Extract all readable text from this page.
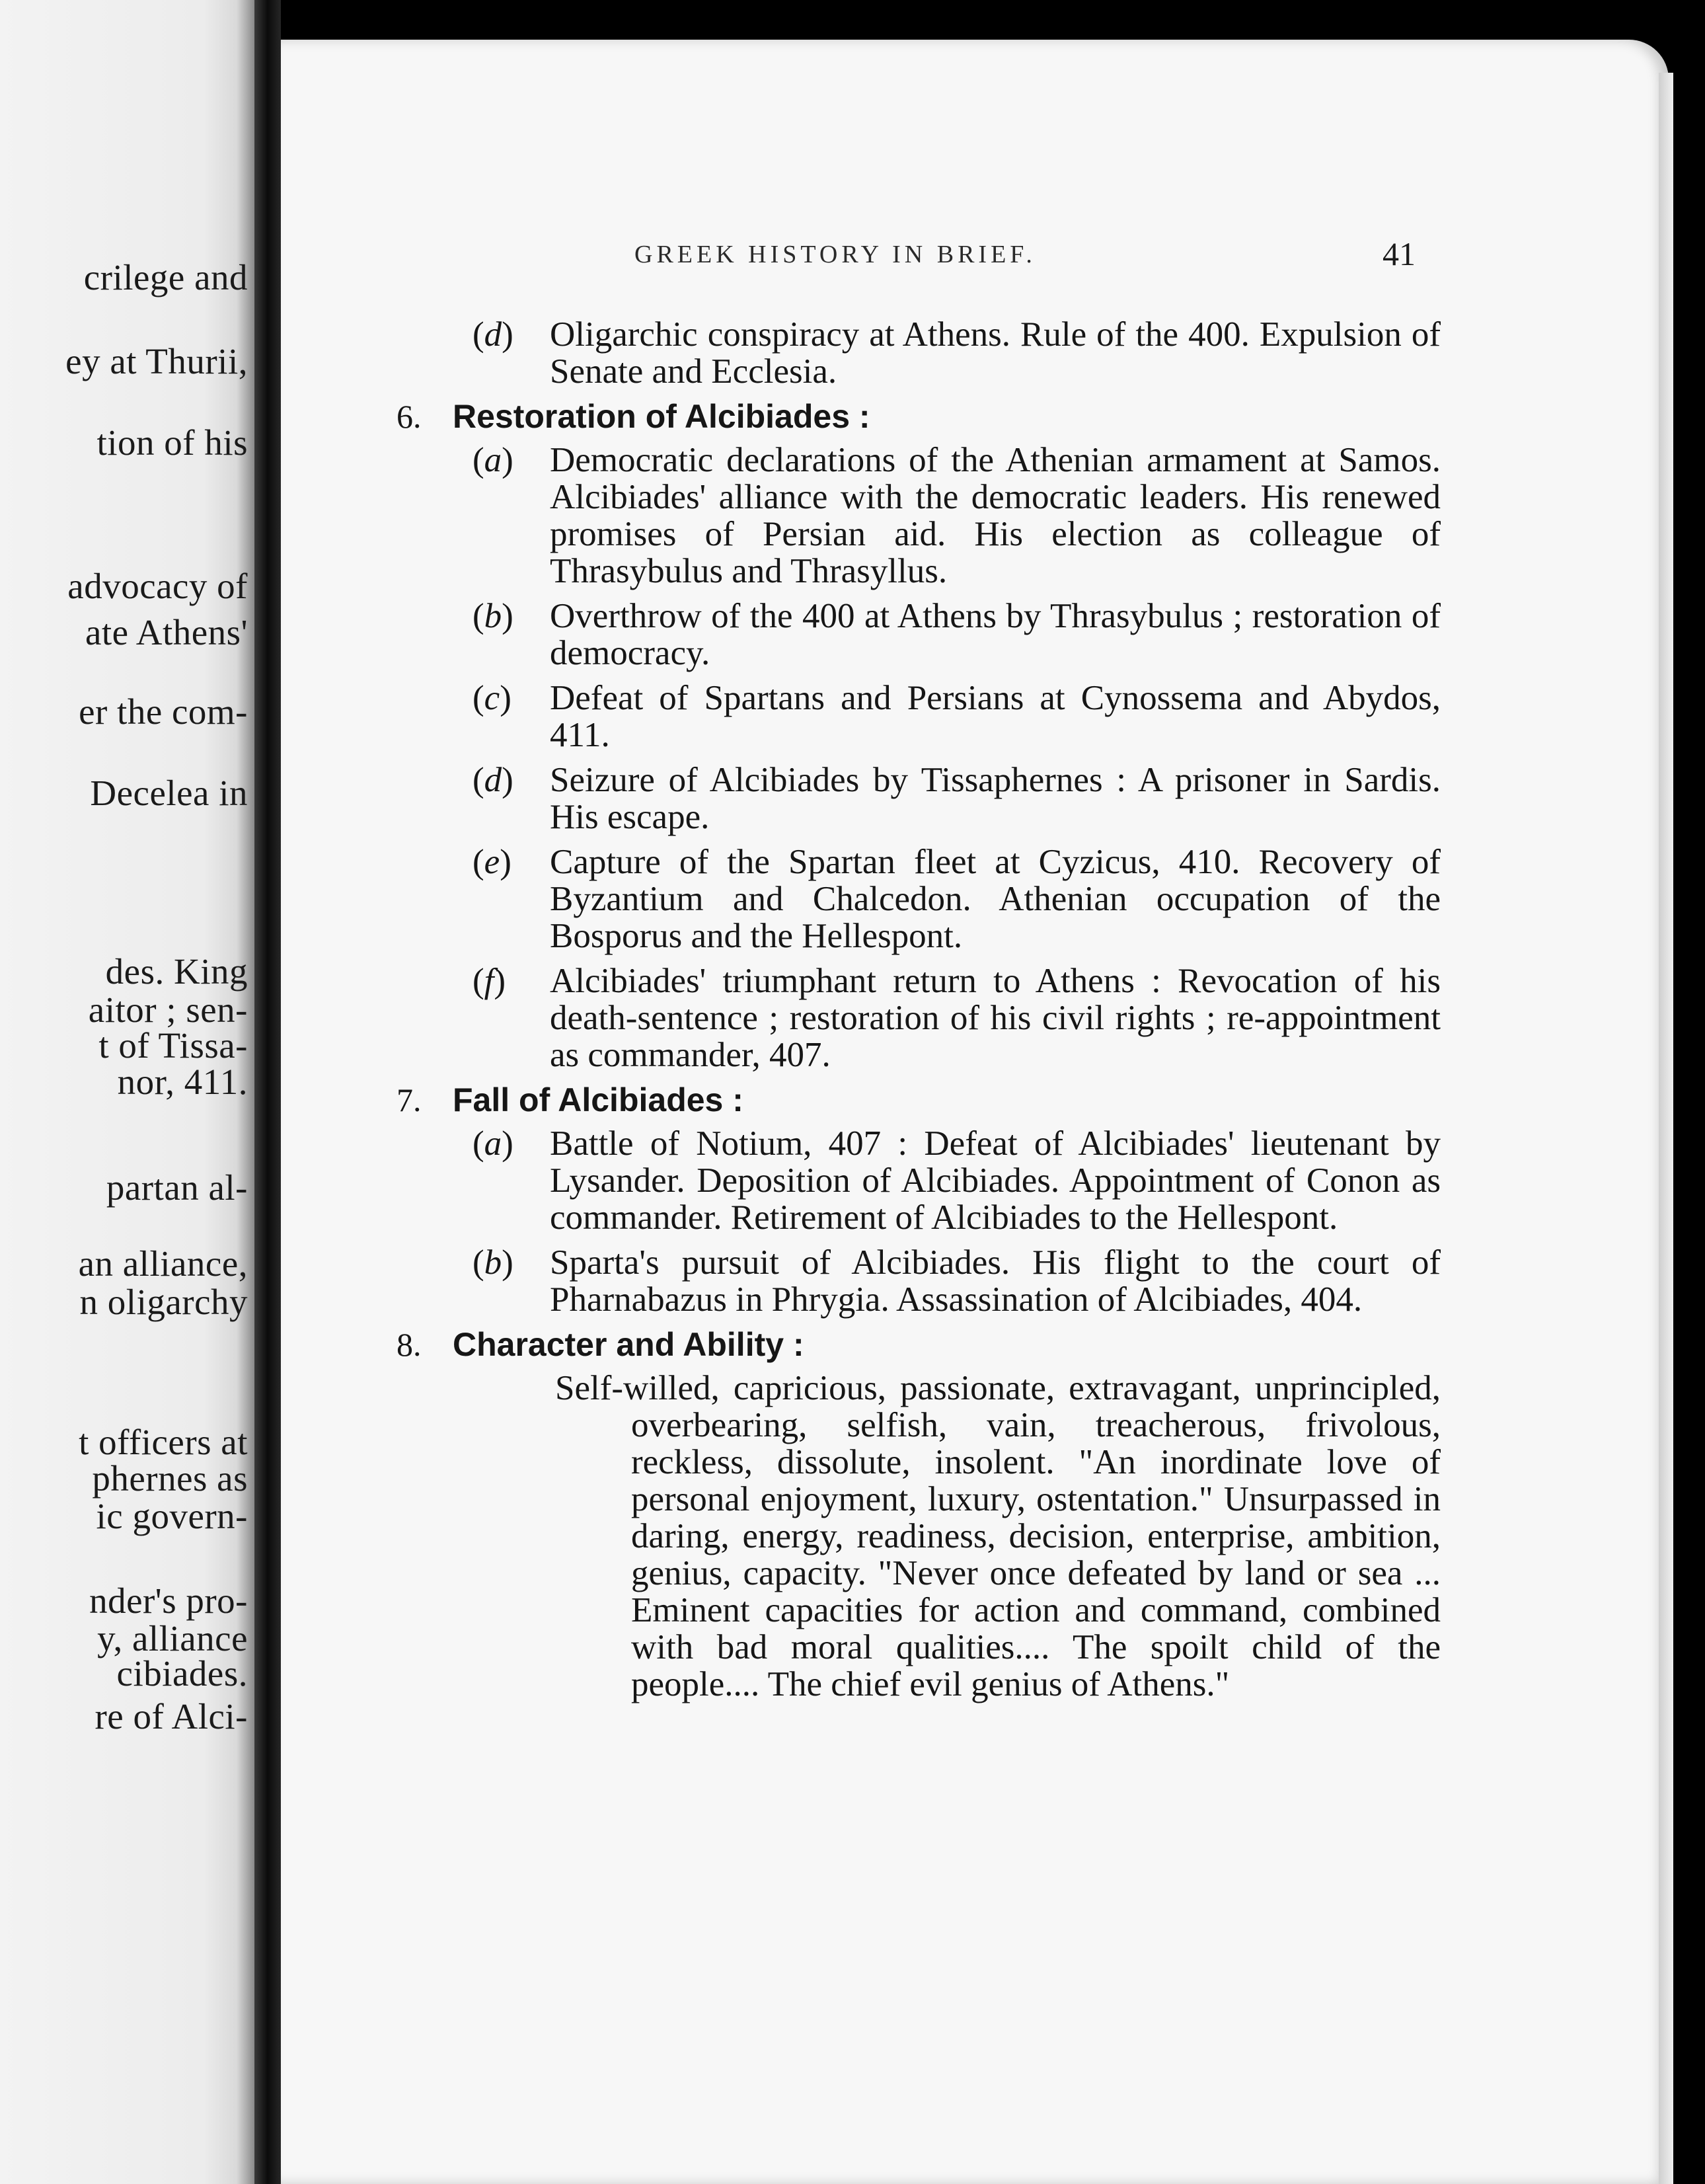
crilege and
ey at Thurii,
tion of his
advocacy of
ate Athens'
er the com-
Decelea in
des. King
aitor ; sen-
t of Tissa-
nor, 411.
partan al-
an alliance,
n oligarchy
t officers at
phernes as
ic govern-
nder's pro-
y, alliance
cibiades.
re of Alci-
GREEK HISTORY IN BRIEF.	41
(d) Oligarchic conspiracy at Athens. Rule of the 400. Expulsion of Senate and Ecclesia.
6. Restoration of Alcibiades :
(a) Democratic declarations of the Athenian armament at Samos. Alcibiades' alliance with the democratic leaders. His renewed promises of Persian aid. His election as colleague of Thrasybulus and Thrasyllus.
(b) Overthrow of the 400 at Athens by Thrasybulus ; restoration of democracy.
(c) Defeat of Spartans and Persians at Cynossema and Abydos, 411.
(d) Seizure of Alcibiades by Tissaphernes : A prisoner in Sardis. His escape.
(e) Capture of the Spartan fleet at Cyzicus, 410. Recovery of Byzantium and Chalcedon. Athenian occupation of the Bosporus and the Hellespont.
(f) Alcibiades' triumphant return to Athens : Revocation of his death-sentence ; restoration of his civil rights ; re-appointment as commander, 407.
7. Fall of Alcibiades :
(a) Battle of Notium, 407 : Defeat of Alcibiades' lieutenant by Lysander. Deposition of Alcibiades. Appointment of Conon as commander. Retirement of Alcibiades to the Hellespont.
(b) Sparta's pursuit of Alcibiades. His flight to the court of Pharnabazus in Phrygia. Assassination of Alcibiades, 404.
8. Character and Ability :
Self-willed, capricious, passionate, extravagant, unprincipled, overbearing, selfish, vain, treacherous, frivolous, reckless, dissolute, insolent. "An inordinate love of personal enjoyment, luxury, ostentation." Unsurpassed in daring, energy, readiness, decision, enterprise, ambition, genius, capacity. "Never once defeated by land or sea ... Eminent capacities for action and command, combined with bad moral qualities.... The spoilt child of the people.... The chief evil genius of Athens."
